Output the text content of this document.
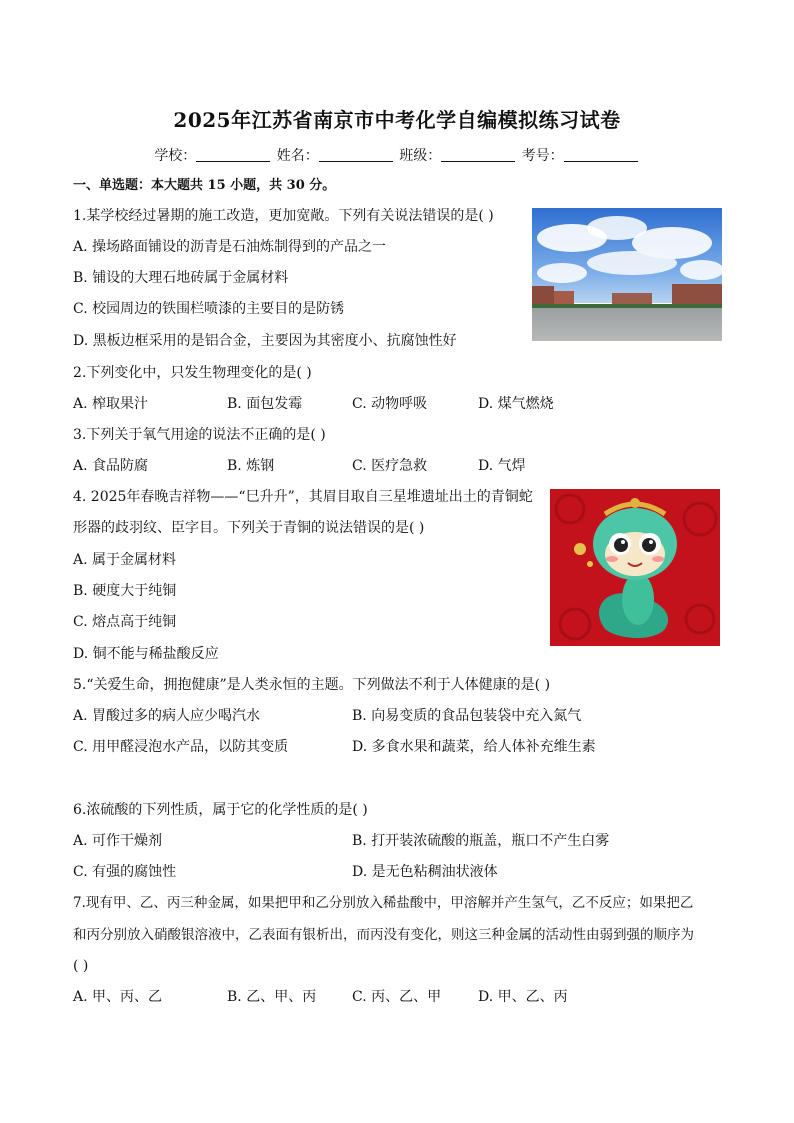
2025年江苏省南京市中考化学自编模拟练习试卷
学校：	姓名：	班级：	考号：
一、单选题：本大题共 15 小题，共 30 分。
1.某学校经过暑期的施工改造，更加宽敞。下列有关说法错误的是( )
A. 操场路面铺设的沥青是石油炼制得到的产品之一
B. 铺设的大理石地砖属于金属材料
C. 校园周边的铁围栏喷漆的主要目的是防锈
D. 黑板边框采用的是铝合金，主要因为其密度小、抗腐蚀性好
2.下列变化中，只发生物理变化的是( )
A. 榨取果汁	B. 面包发霉	C. 动物呼吸	D. 煤气燃烧
3.下列关于氧气用途的说法不正确的是( )
A. 食品防腐	B. 炼钢	C. 医疗急救	D. 气焊
4. 2025年春晚吉祥物——“巳升升”，其眉目取自三星堆遗址出土的青铜蛇
形器的歧羽纹、臣字目。下列关于青铜的说法错误的是( )
A. 属于金属材料
B. 硬度大于纯铜
C. 熔点高于纯铜
D. 铜不能与稀盐酸反应
5.“关爱生命，拥抱健康”是人类永恒的主题。下列做法不利于人体健康的是( )
A. 胃酸过多的病人应少喝汽水	B. 向易变质的食品包装袋中充入氮气
C. 用甲醛浸泡水产品，以防其变质	D. 多食水果和蔬菜，给人体补充维生素
6.浓硫酸的下列性质，属于它的化学性质的是( )
A. 可作干燥剂	B. 打开装浓硫酸的瓶盖，瓶口不产生白雾
C. 有强的腐蚀性	D. 是无色粘稠油状液体
7.现有甲、乙、丙三种金属，如果把甲和乙分别放入稀盐酸中，甲溶解并产生氢气，乙不反应；如果把乙
和丙分别放入硝酸银溶液中，乙表面有银析出，而丙没有变化，则这三种金属的活动性由弱到强的顺序为
( )
A. 甲、丙、乙	B. 乙、甲、丙	C. 丙、乙、甲	D. 甲、乙、丙
